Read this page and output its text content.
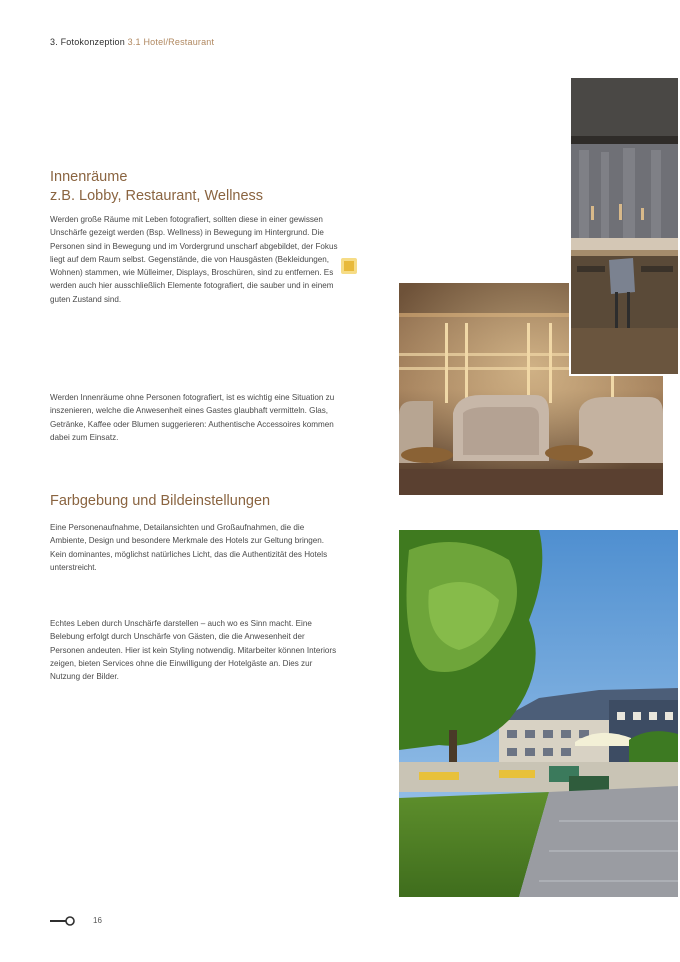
3. Fotokonzeption 3.1 Hotel/Restaurant
Innenräume
z.B. Lobby, Restaurant, Wellness

Werden große Räume mit Leben fotografiert, sollten diese in einer gewissen Unschärfe gezeigt werden (Bsp. Wellness) in Bewegung im Hintergrund. Die Personen sind in Bewegung und im Vordergrund unscharf abgebildet, der Fokus liegt auf dem Raum selbst. Gegenstände, die von Hausgästen (Bekleidungen, Wohnen) stammen, wie Mülleimer, Displays, Broschüren, sind zu entfernen. Es werden auch hier ausschließlich Elemente fotografiert, die sauber und in einem guten Zustand sind.

Werden Innenräume ohne Personen fotografiert, ist es wichtig eine Situation zu inszenieren, welche die Anwesenheit eines Gastes glaubhaft vermitteln. Glas, Getränke, Kaffee oder Blumen suggerieren: Authentische Accessoires kommen dabei zum Einsatz.

Farbgebung und Bildeinstellungen

Eine Personenaufnahme, Detailansichten und Großaufnahmen, die die Ambiente, Design und besondere Merkmale des Hotels zur Geltung bringen. Kein dominantes, möglichst natürliches Licht, das die Authentizität des Hotels unterstreicht.

Echtes Leben durch Unschärfe darstellen – auch wo es Sinn macht. Eine Belebung erfolgt durch Unschärfe von Gästen, die die Anwesenheit der Personen andeuten. Hier ist kein Styling notwendig. Mitarbeiter können Interiors zeigen, bieten Services ohne die Einwilligung der Hotelgäste an. Dies zur Nutzung der Bilder.

16
